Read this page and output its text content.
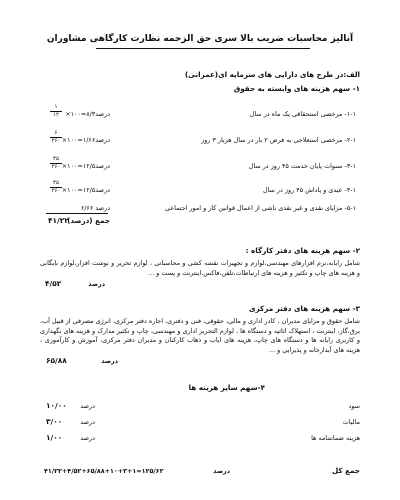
آنالیز محاسبات ضریب بالا سری حق الزحمه نظارت کارگاهی مشاوران
الف:در طرح های دارایی های سرمایه ای(عمرانی)
۱- سهم هزینه های وابسته به حقوق
۱-۱- مرخصی استحقاقی یک ماه در سال
درصد۸/۳=۱۰۰×
۱
۱۲
۲-۱- مرخصی استعلاجی به فرض ۲ بار در سال هربار ۳ روز
درصد۱/۶۶=۱۰۰×
۶
۳۶۰
۳-۱- سنوات پایان خدمت ۴۵ روز در سال
درصد۱۲/۵=۱۰۰×
۴۵
۳۶۰
۴-۱- عیدی و پاداش ۴۵ روز در سال
درصد۱۲/۵=۱۰۰×
۴۵
۳۶۰
۵-۱- مزایای نقدی و غیر نقدی ناشی از اعمال قوانین کار و امور اجتماعی
درصد ۶/۶۶
جمع (درصد)
۴۱/۲۲
۲- سهم هزینه های دفتر کارگاه :
شامل رایانه،نرم افزارهای مهندسی،لوازم و تجهیزات نقشه کشی و محاسباتی ، لوازم تحریر و نوشت افزار،لوازم بایگانی و هزینه های چاپ و تکثیر و هزینه های ارتباطات،تلفن،فاکس،اینترنت و پست و ...
درصد
۴/۵۲
۳- سهم هزینه های دفتر مرکزی
شامل حقوق و مزایای مدیران ، کادر اداری و مالی، حقوقی، فنی و دفتری، اجاره دفتر مرکزی، انرژی مصرفی از قبیل آب، برق،گاز، اینترنت ، استهلاک اثاثیه و دستگاه ها ، لوازم التحریر اداری و مهندسی، چاپ و تکثیر مدارک و هزینه های نگهداری و کاربری رایانه ها و دستگاه های چاپ، هزینه های ایاب و ذهاب کارکنان و مدیران دفتر مرکزی، آموزش و کارآموزی ، هزینه های آبدارخانه و پذیرایی و ...
درصد
۶۵/۸۸
۴-سهم سایر هزینه ها
سود
درصد
۱۰/۰۰
مالیات
درصد
۳/۰۰
هزینه ضمانتنامه ها
درصد
۱/۰۰
جمع کل
درصد
۴۱/۲۲+۴/۵۲+۶۵/۸۸+۱۰+۳+۱=۱۲۵/۶۲
